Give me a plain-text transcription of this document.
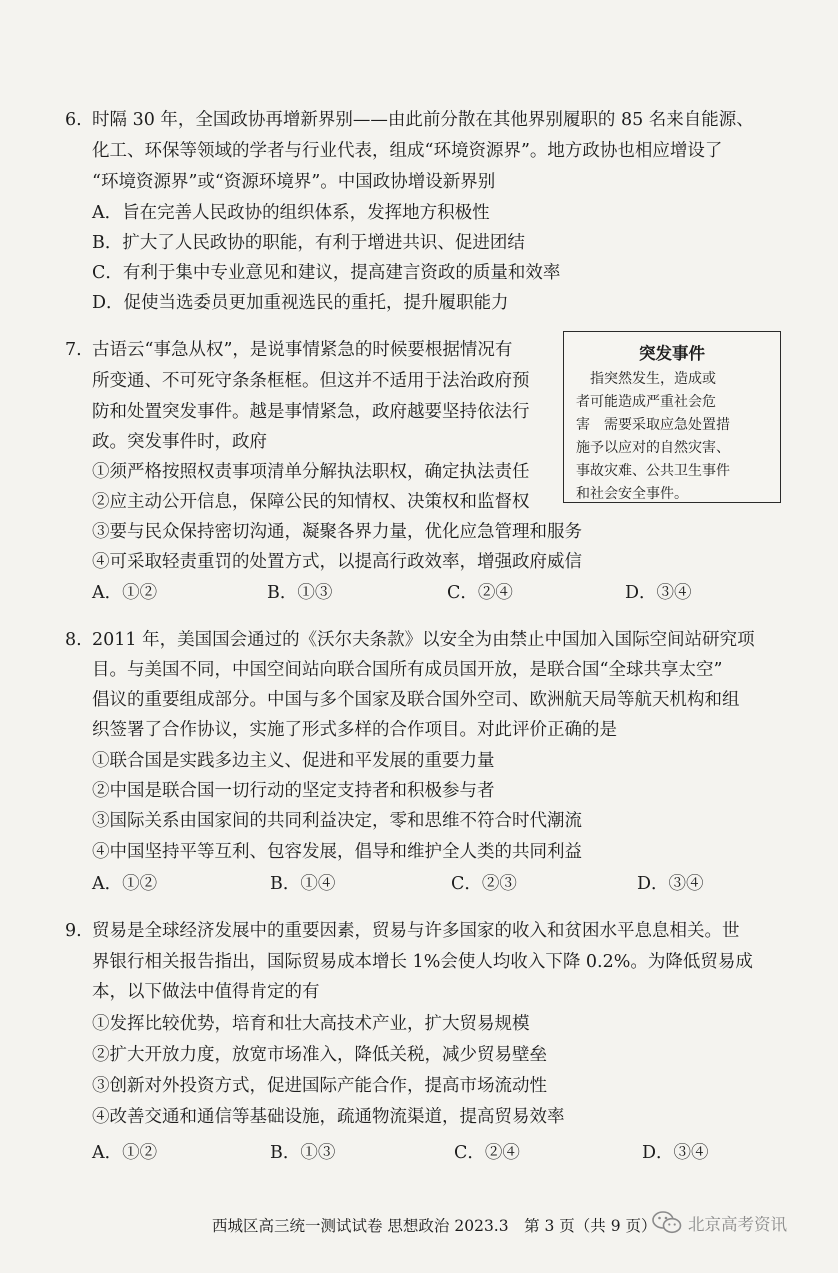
6. 时隔 30 年，全国政协再增新界别——由此前分散在其他界别履职的 85 名来自能源、
化工、环保等领域的学者与行业代表，组成“环境资源界”。地方政协也相应增设了
“环境资源界”或“资源环境界”。中国政协增设新界别
A．旨在完善人民政协的组织体系，发挥地方积极性
B．扩大了人民政协的职能，有利于增进共识、促进团结
C．有利于集中专业意见和建议，提高建言资政的质量和效率
D．促使当选委员更加重视选民的重托，提升履职能力
7. 古语云“事急从权”，是说事情紧急的时候要根据情况有
所变通、不可死守条条框框。但这并不适用于法治政府预
防和处置突发事件。越是事情紧急，政府越要坚持依法行
政。突发事件时，政府
①须严格按照权责事项清单分解执法职权，确定执法责任
②应主动公开信息，保障公民的知情权、决策权和监督权
③要与民众保持密切沟通，凝聚各界力量，优化应急管理和服务
④可采取轻责重罚的处置方式，以提高行政效率，增强政府威信
A．①②	B．①③	C．②④	D．③④
突发事件
　指突然发生，造成或
者可能造成严重社会危
害　需要采取应急处置措
施予以应对的自然灾害、
事故灾难、公共卫生事件
和社会安全事件。
8. 2011 年，美国国会通过的《沃尔夫条款》以安全为由禁止中国加入国际空间站研究项
目。与美国不同，中国空间站向联合国所有成员国开放，是联合国“全球共享太空”
倡议的重要组成部分。中国与多个国家及联合国外空司、欧洲航天局等航天机构和组
织签署了合作协议，实施了形式多样的合作项目。对此评价正确的是
①联合国是实践多边主义、促进和平发展的重要力量
②中国是联合国一切行动的坚定支持者和积极参与者
③国际关系由国家间的共同利益决定，零和思维不符合时代潮流
④中国坚持平等互利、包容发展，倡导和维护全人类的共同利益
A．①②	B．①④	C．②③	D．③④
9. 贸易是全球经济发展中的重要因素，贸易与许多国家的收入和贫困水平息息相关。世
界银行相关报告指出，国际贸易成本增长 1%会使人均收入下降 0.2%。为降低贸易成
本，以下做法中值得肯定的有
①发挥比较优势，培育和壮大高技术产业，扩大贸易规模
②扩大开放力度，放宽市场准入，降低关税，减少贸易壁垒
③创新对外投资方式，促进国际产能合作，提高市场流动性
④改善交通和通信等基础设施，疏通物流渠道，提高贸易效率
A．①②	B．①③	C．②④	D．③④
西城区高三统一测试试卷 思想政治 2023.3　第 3 页（共 9 页） 北京高考资讯
